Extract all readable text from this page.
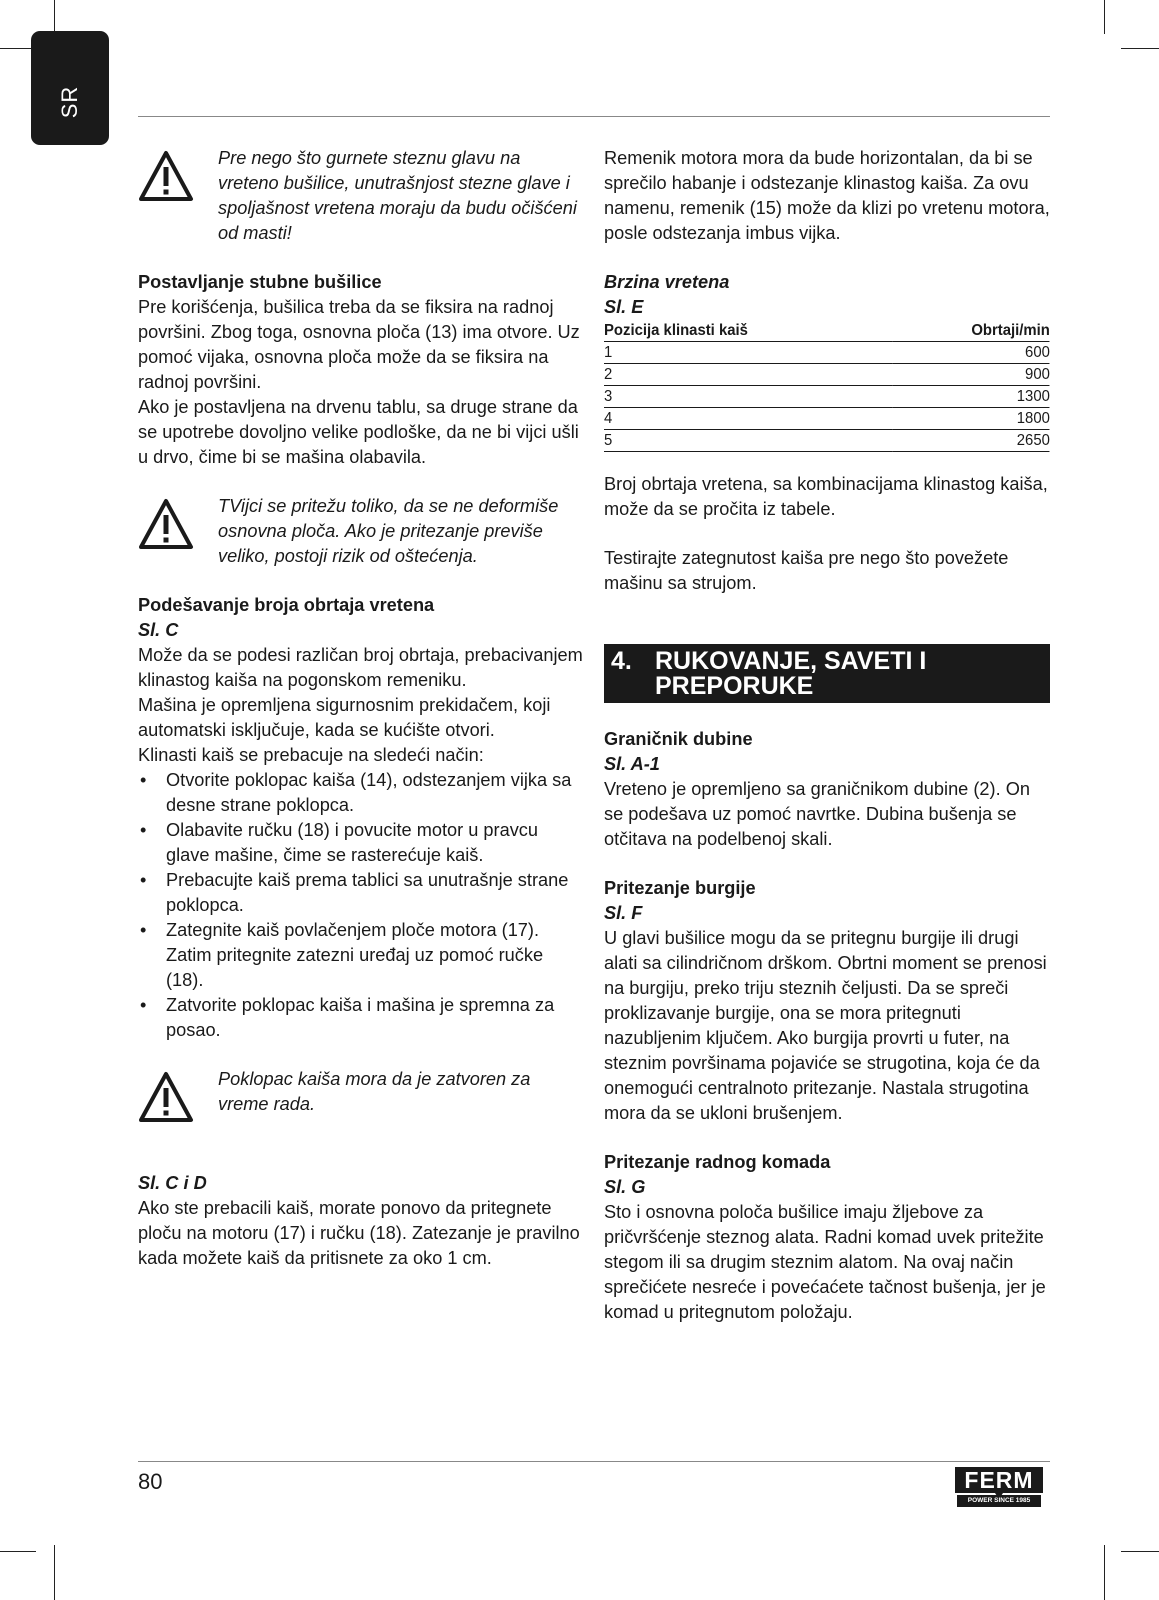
SR

Pre nego što gurnete steznu glavu na vreteno bušilice, unutrašnjost stezne glave i spoljašnost vretena moraju da budu očišćeni od masti!

Postavljanje stubne bušilice

Pre korišćenja, bušilica treba da se fiksira na radnoj površini. Zbog toga, osnovna ploča (13) ima otvore. Uz pomoć vijaka, osnovna ploča može da se fiksira na radnoj površini.

Ako je postavljena na drvenu tablu, sa druge strane da se upotrebe dovoljno velike podloške, da ne bi vijci ušli u drvo, čime bi se mašina olabavila.

TVijci se pritežu toliko, da se ne deformiše osnovna ploča. Ako je pritezanje previše veliko, postoji rizik od oštećenja.

Podešavanje broja obrtaja vretena

Sl. C

Može da se podesi različan broj obrtaja, prebacivanjem klinastog kaiša na pogonskom remeniku.

Mašina je opremljena sigurnosnim prekidačem, koji automatski isključuje, kada se kućište otvori.

Klinasti kaiš se prebacuje na sledeći način:

• Otvorite poklopac kaiša (14), odstezanjem vijka sa desne strane poklopca.
• Olabavite ručku (18) i povucite motor u pravcu glave mašine, čime se rasterećuje kaiš.
• Prebacujte kaiš prema tablici sa unutrašnje strane poklopca.
• Zategnite kaiš povlačenjem ploče motora (17). Zatim pritegnite zatezni uređaj uz pomoć ručke (18).
• Zatvorite poklopac kaiša i mašina je spremna za posao.

Poklopac kaiša mora da je zatvoren za vreme rada.

Sl. C i D

Ako ste prebacili kaiš, morate ponovo da pritegnete ploču na motoru (17) i ručku (18). Zatezanje je pravilno kada možete kaiš da pritisnete za oko 1 cm.

Remenik motora mora da bude horizontalan, da bi se sprečilo habanje i odstezanje klinastog kaiša. Za ovu namenu, remenik (15) može da klizi po vretenu motora, posle odstezanja imbus vijka.

Brzina vretena

Sl. E

Pozicija klinasti kaiš	Obrtaji/min
1	600
2	900
3	1300
4	1800
5	2650

Broj obrtaja vretena, sa kombinacijama klinastog kaiša, može da se pročita iz tabele.

Testirajte zategnutost kaiša pre nego što povežete mašinu sa strujom.

4. RUKOVANJE, SAVETI I PREPORUKE

Graničnik dubine

Sl. A-1

Vreteno je opremljeno sa graničnikom dubine (2). On se podešava uz pomoć navrtke. Dubina bušenja se otčitava na podelbenoj skali.

Pritezanje burgije

Sl. F

U glavi bušilice mogu da se pritegnu burgije ili drugi alati sa cilindričnom drškom. Obrtni moment se prenosi na burgiju, preko triju steznih čeljusti. Da se spreči proklizavanje burgije, ona se mora pritegnuti nazubljenim ključem. Ako burgija provrti u futer, na steznim površinama pojaviće se strugotina, koja će da onemogući centralnoto pritezanje. Nastala strugotina mora da se ukloni brušenjem.

Pritezanje radnog komada

Sl. G

Sto i osnovna poloča bušilice imaju žljebove za pričvršćenje steznog alata. Radni komad uvek pritežite stegom ili sa drugim steznim alatom. Na ovaj način sprečićete nesreće i povećaćete tačnost bušenja, jer je komad u pritegnutom položaju.

80	FERM
POWER SINCE 1985
